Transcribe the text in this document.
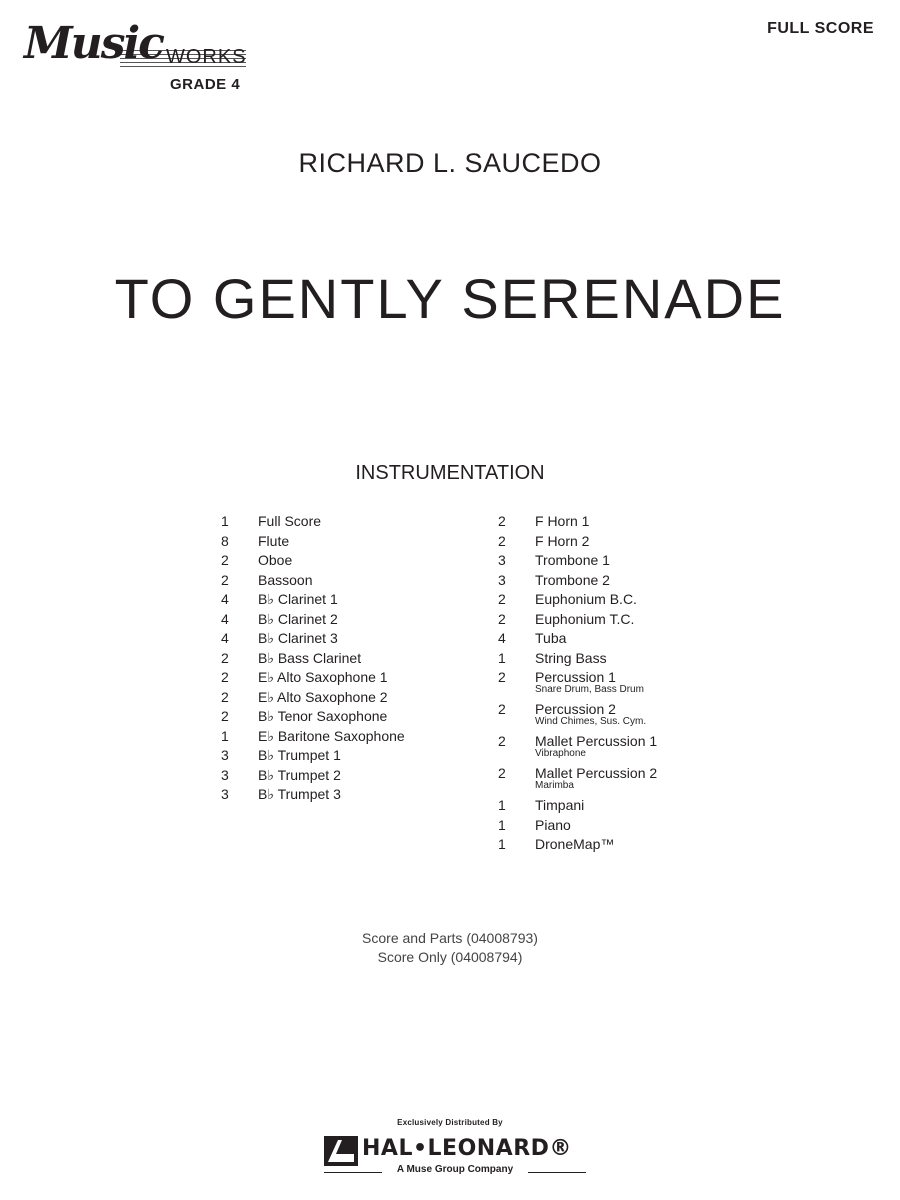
Music WORKS
GRADE 4
FULL SCORE
RICHARD L. SAUCEDO
TO GENTLY SERENADE
INSTRUMENTATION
1 Full Score
8 Flute
2 Oboe
2 Bassoon
4 B♭ Clarinet 1
4 B♭ Clarinet 2
4 B♭ Clarinet 3
2 B♭ Bass Clarinet
2 E♭ Alto Saxophone 1
2 E♭ Alto Saxophone 2
2 B♭ Tenor Saxophone
1 E♭ Baritone Saxophone
3 B♭ Trumpet 1
3 B♭ Trumpet 2
3 B♭ Trumpet 3
2 F Horn 1
2 F Horn 2
3 Trombone 1
3 Trombone 2
2 Euphonium B.C.
2 Euphonium T.C.
4 Tuba
1 String Bass
2 Percussion 1
Snare Drum, Bass Drum
2 Percussion 2
Wind Chimes, Sus. Cym.
2 Mallet Percussion 1
Vibraphone
2 Mallet Percussion 2
Marimba
1 Timpani
1 Piano
1 DroneMap™
Score and Parts (04008793)
Score Only (04008794)
Exclusively Distributed By
HAL•LEONARD®
A Muse Group Company
